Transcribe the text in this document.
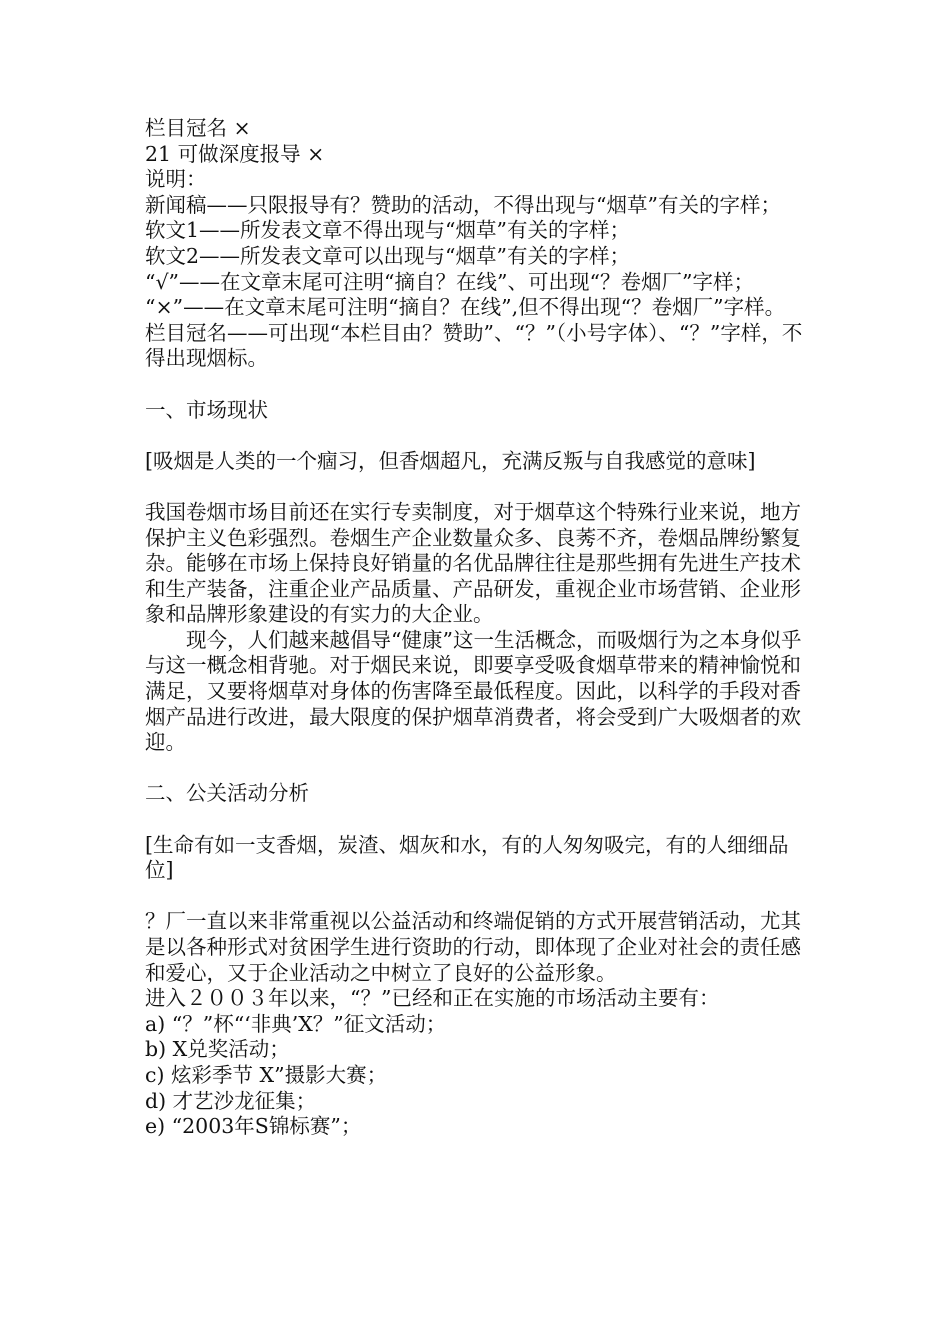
栏目冠名 ×
21 可做深度报导 ×
说明：
新闻稿——只限报导有？赞助的活动，不得出现与“烟草”有关的字样；
软文1——所发表文章不得出现与“烟草”有关的字样；
软文2——所发表文章可以出现与“烟草”有关的字样；
“√”——在文章末尾可注明“摘自？在线”、可出现“？卷烟厂”字样；
“×”——在文章末尾可注明“摘自？在线”,但不得出现“？卷烟厂”字样。
栏目冠名——可出现“本栏目由？赞助”、“？”（小号字体）、“？”字样，不得出现烟标。
一、市场现状
[吸烟是人类的一个痼习，但香烟超凡，充满反叛与自我感觉的意味]
我国卷烟市场目前还在实行专卖制度，对于烟草这个特殊行业来说，地方保护主义色彩强烈。卷烟生产企业数量众多、良莠不齐，卷烟品牌纷繁复杂。能够在市场上保持良好销量的名优品牌往往是那些拥有先进生产技术和生产装备，注重企业产品质量、产品研发，重视企业市场营销、企业形象和品牌形象建设的有实力的大企业。
现今，人们越来越倡导“健康”这一生活概念，而吸烟行为之本身似乎与这一概念相背驰。对于烟民来说，即要享受吸食烟草带来的精神愉悦和满足，又要将烟草对身体的伤害降至最低程度。因此，以科学的手段对香烟产品进行改进，最大限度的保护烟草消费者，将会受到广大吸烟者的欢迎。
二、公关活动分析
[生命有如一支香烟，炭渣、烟灰和水，有的人匆匆吸完，有的人细细品位]
？厂一直以来非常重视以公益活动和终端促销的方式开展营销活动，尤其是以各种形式对贫困学生进行资助的行动，即体现了企业对社会的责任感和爱心，又于企业活动之中树立了良好的公益形象。
进入２００３年以来，“？”已经和正在实施的市场活动主要有：
a) “？”杯“‘非典’X？”征文活动；
b) X兑奖活动；
c) 炫彩季节 X”摄影大赛；
d) 才艺沙龙征集；
e) “2003年S锦标赛”；
